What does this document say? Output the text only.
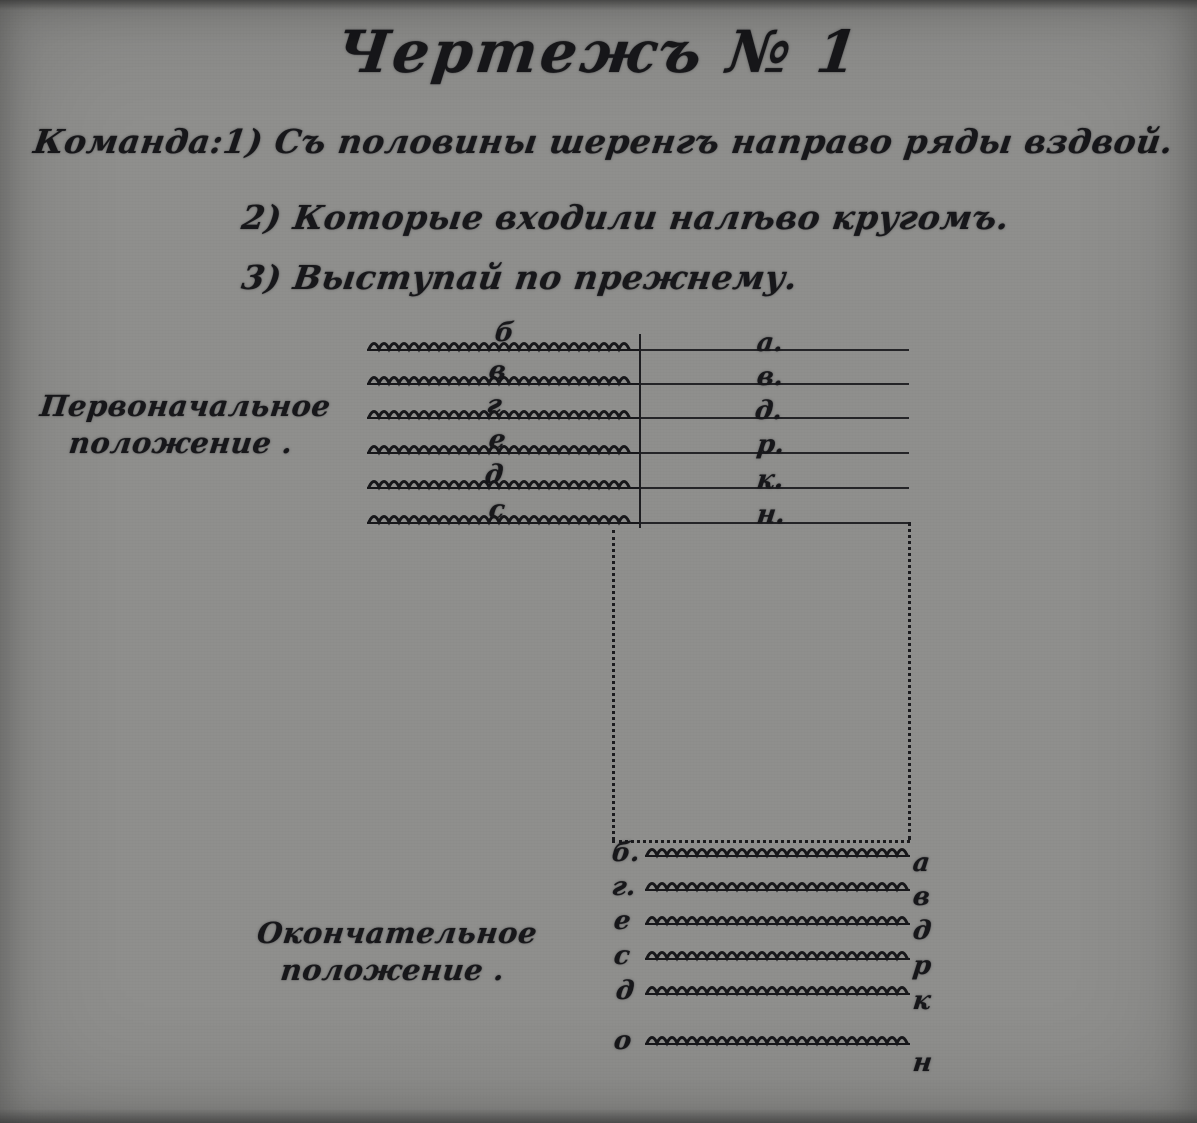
Чертежъ № 1
Команда:1) Съ половины шеренгъ направо ряды вздвой.
2) Которые входили налѣво кругомъ.
3) Выступай по прежнему.
Первоначальное
положение .
б	а.
в	в.
г	д.
е	р.
д	к.
с	н.
Окончательное
положение .
б.	а
г.	в
е	д
с	р
д	к
о
н
